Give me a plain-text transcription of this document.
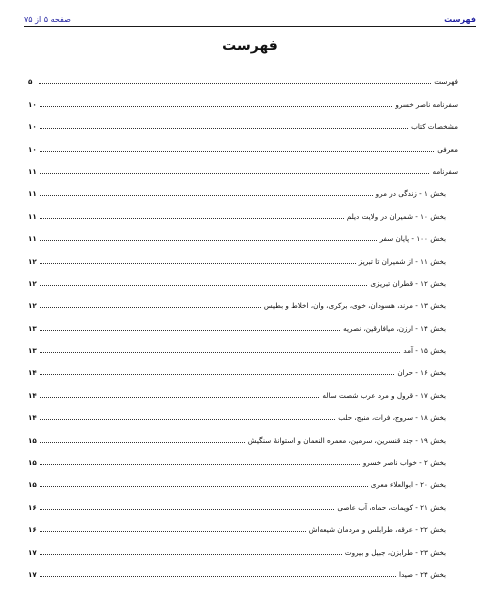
صفحه ۵ از ۷۵	فهرست
فهرست
فهرست
۵
سفرنامه ناصر خسرو
۱۰
مشخصات کتاب
۱۰
معرفی
۱۰
سفرنامه
۱۱
بخش ۱ - زندگی در مرو
۱۱
بخش ۱۰ - شمیران در ولایت دیلم
۱۱
بخش ۱۰۰ - پایان سفر
۱۱
بخش ۱۱ - از شمیران تا تبریز
۱۲
بخش ۱۲ - قطران تبریزی
۱۲
بخش ۱۳ - مرند، هسودان، خوی، برکری، وان، اخلاط و بطیس
۱۲
بخش ۱۴ - ارزن، میافارقین، نصریه
۱۳
بخش ۱۵ - آمد
۱۳
بخش ۱۶ - حران
۱۴
بخش ۱۷ - قرول و مرد عرب شصت ساله
۱۴
بخش ۱۸ - سروج، فرات، منبج، حلب
۱۴
بخش ۱۹ - جند قنسرین، سرمین، معمره النعمان و استوانهٔ سنگیش
۱۵
بخش ۲ - خواب ناصر خسرو
۱۵
بخش ۲۰ - ابوالعلاء معری
۱۵
بخش ۲۱ - کویمات، حماه، آب عاصی
۱۶
بخش ۲۲ - عرقه، طرابلس و مردمان شیعه‌اش
۱۶
بخش ۲۳ - طرابزن، جبیل و بیروت
۱۷
بخش ۲۴ - صیدا
۱۷
